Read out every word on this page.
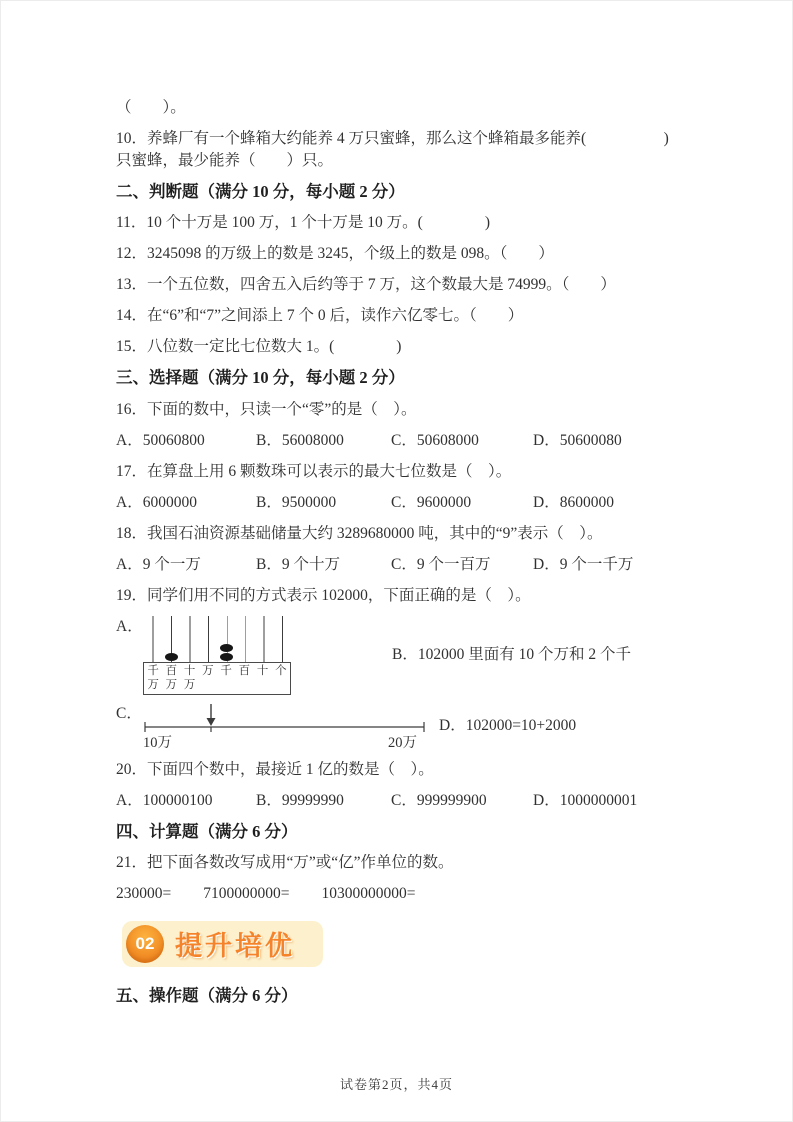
（　　）。

10．养蜂厂有一个蜂箱大约能养 4 万只蜜蜂，那么这个蜂箱最多能养(　　　　　)只蜜蜂，最少能养（　　）只。

二、判断题（满分 10 分，每小题 2 分）

11．10 个十万是 100 万，1 个十万是 10 万。(　　　　)

12．3245098 的万级上的数是 3245，个级上的数是 098。（　　）

13．一个五位数，四舍五入后约等于 7 万，这个数最大是 74999。（　　）

14．在“6”和“7”之间添上 7 个 0 后，读作六亿零七。（　　）

15．八位数一定比七位数大 1。(　　　　)

三、选择题（满分 10 分，每小题 2 分）

16．下面的数中，只读一个“零”的是（　）。

A．50060800	B．56008000	C．50608000	D．50600080

17．在算盘上用 6 颗数珠可以表示的最大七位数是（　）。

A．6000000	B．9500000	C．9600000	D．8600000

18．我国石油资源基础储量大约 3289680000 吨，其中的“9”表示（　）。

A．9 个一万	B．9 个十万	C．9 个一百万	D．9 个一千万

19．同学们用不同的方式表示 102000，下面正确的是（　）。

A．
千 百 十 万 千 百 十 个
万 万 万
B．102000 里面有 10 个万和 2 个千
C．
10万	20万
D．102000=10+2000

20．下面四个数中，最接近 1 亿的数是（　）。

A．100000100	B．99999990	C．999999900	D．1000000001
四、计算题（满分 6 分）

21．把下面各数改写成用“万”或“亿”作单位的数。

230000= 7100000000= 10300000000=
02 提升培优
五、操作题（满分 6 分）
试卷第2页，共4页
